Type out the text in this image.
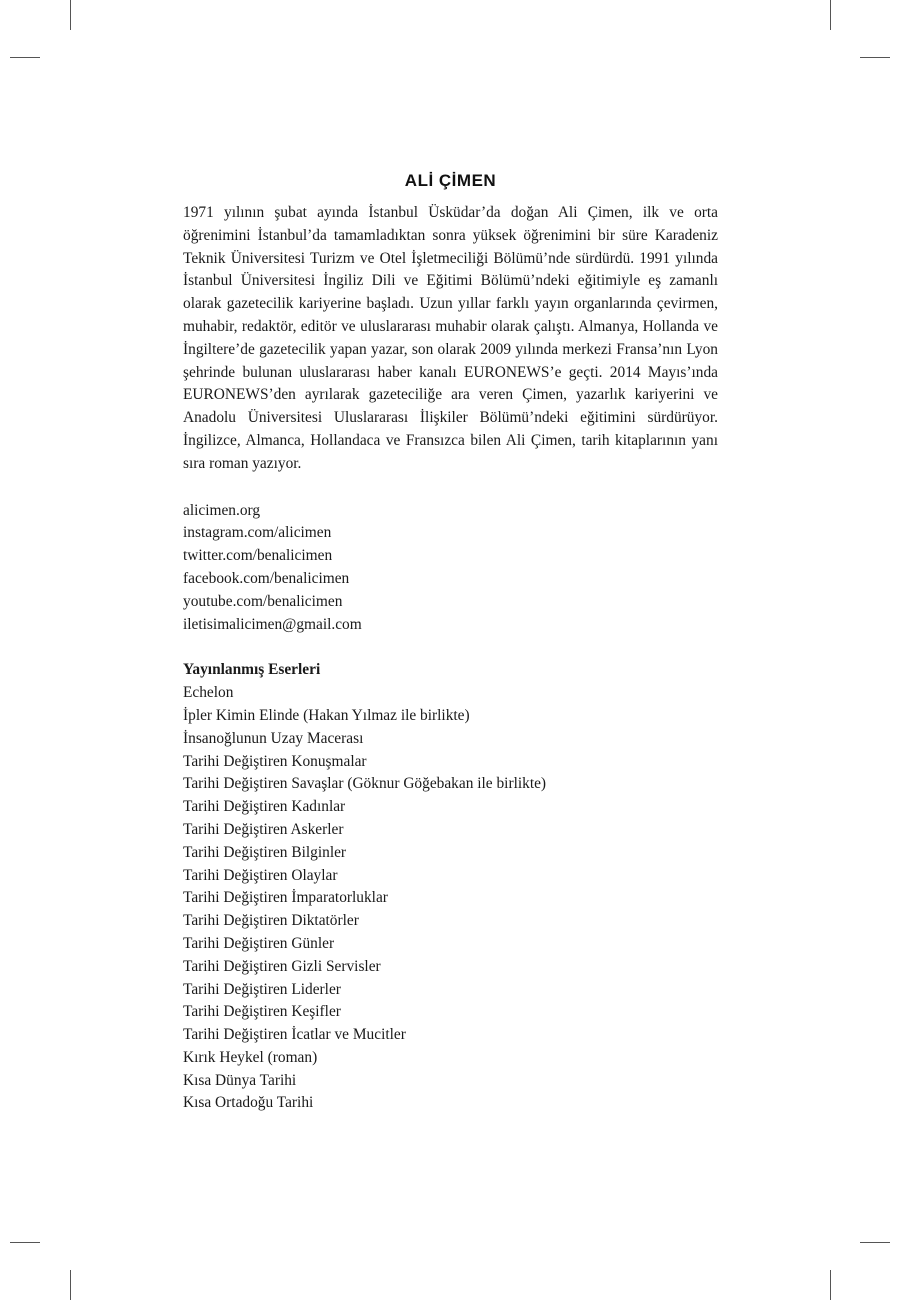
ALİ ÇİMEN

1971 yılının şubat ayında İstanbul Üsküdar’da doğan Ali Çimen, ilk ve orta öğrenimini İstanbul’da tamamladıktan sonra yüksek öğrenimini bir süre Karadeniz Teknik Üniversitesi Turizm ve Otel İşletmeciliği Bölümü’nde sürdürdü. 1991 yılında İstanbul Üniversitesi İngiliz Dili ve Eğitimi Bölümü’ndeki eğitimiyle eş zamanlı olarak gazetecilik kariyerine başladı. Uzun yıllar farklı yayın organlarında çevirmen, muhabir, redaktör, editör ve uluslararası muhabir olarak çalıştı. Almanya, Hollanda ve İngiltere’de gazetecilik yapan yazar, son olarak 2009 yılında merkezi Fransa’nın Lyon şehrinde bulunan uluslararası haber kanalı EURONEWS’e geçti. 2014 Mayıs’ında EURONEWS’den ayrılarak gazeteciliğe ara veren Çimen, yazarlık kariyerini ve Anadolu Üniversitesi Uluslararası İlişkiler Bölümü’ndeki eğitimini sürdürüyor. İngilizce, Almanca, Hollandaca ve Fransızca bilen Ali Çimen, tarih kitaplarının yanı sıra roman yazıyor.

alicimen.org
instagram.com/alicimen
twitter.com/benalicimen
facebook.com/benalicimen
youtube.com/benalicimen
iletisimalicimen@gmail.com
Yayınlanmış Eserleri
Echelon
İpler Kimin Elinde (Hakan Yılmaz ile birlikte)
İnsanoğlunun Uzay Macerası
Tarihi Değiştiren Konuşmalar
Tarihi Değiştiren Savaşlar (Göknur Göğebakan ile birlikte)
Tarihi Değiştiren Kadınlar
Tarihi Değiştiren Askerler
Tarihi Değiştiren Bilginler
Tarihi Değiştiren Olaylar
Tarihi Değiştiren İmparatorluklar
Tarihi Değiştiren Diktatörler
Tarihi Değiştiren Günler
Tarihi Değiştiren Gizli Servisler
Tarihi Değiştiren Liderler
Tarihi Değiştiren Keşifler
Tarihi Değiştiren İcatlar ve Mucitler
Kırık Heykel (roman)
Kısa Dünya Tarihi
Kısa Ortadoğu Tarihi
